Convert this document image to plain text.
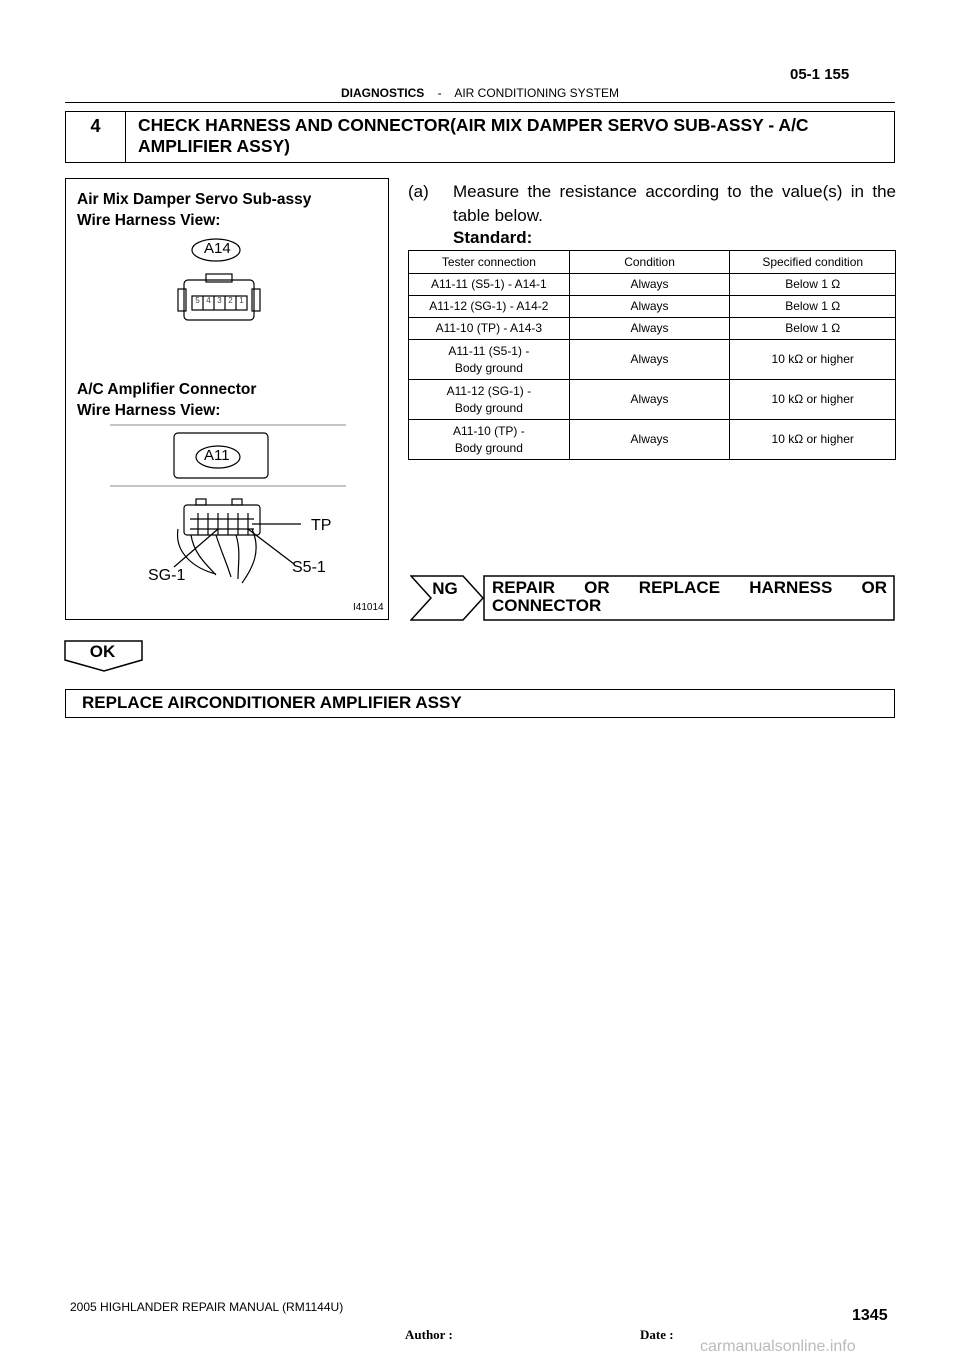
05-1 155
DIAGNOSTICS - AIR CONDITIONING SYSTEM
4	CHECK HARNESS AND CONNECTOR(AIR MIX DAMPER SERVO SUB-ASSY - A/C AMPLIFIER ASSY)
Air Mix Damper Servo Sub-assy
Wire Harness View:
A14
5 4 3 2 1
A/C Amplifier Connector
Wire Harness View:
A11
TP
S5-1
SG-1
I41014
(a) Measure the resistance according to the value(s) in the table below.
Standard:
Tester connection	Condition	Specified condition

A11-11 (S5-1) - A14-1	Always	Below 1 Ω

A11-12 (SG-1) - A14-2	Always	Below 1 Ω

A11-10 (TP) - A14-3	Always	Below 1 Ω

A11-11 (S5-1) -
Body ground	Always	10 kΩ or higher

A11-12 (SG-1) -
Body ground	Always	10 kΩ or higher

A11-10 (TP) -
Body ground	Always	10 kΩ or higher
NG	REPAIR OR REPLACE HARNESS OR CONNECTOR
OK
REPLACE AIRCONDITIONER AMPLIFIER ASSY
2005 HIGHLANDER REPAIR MANUAL (RM1144U)	1345
Author :	Date :
carmanualsonline.info
